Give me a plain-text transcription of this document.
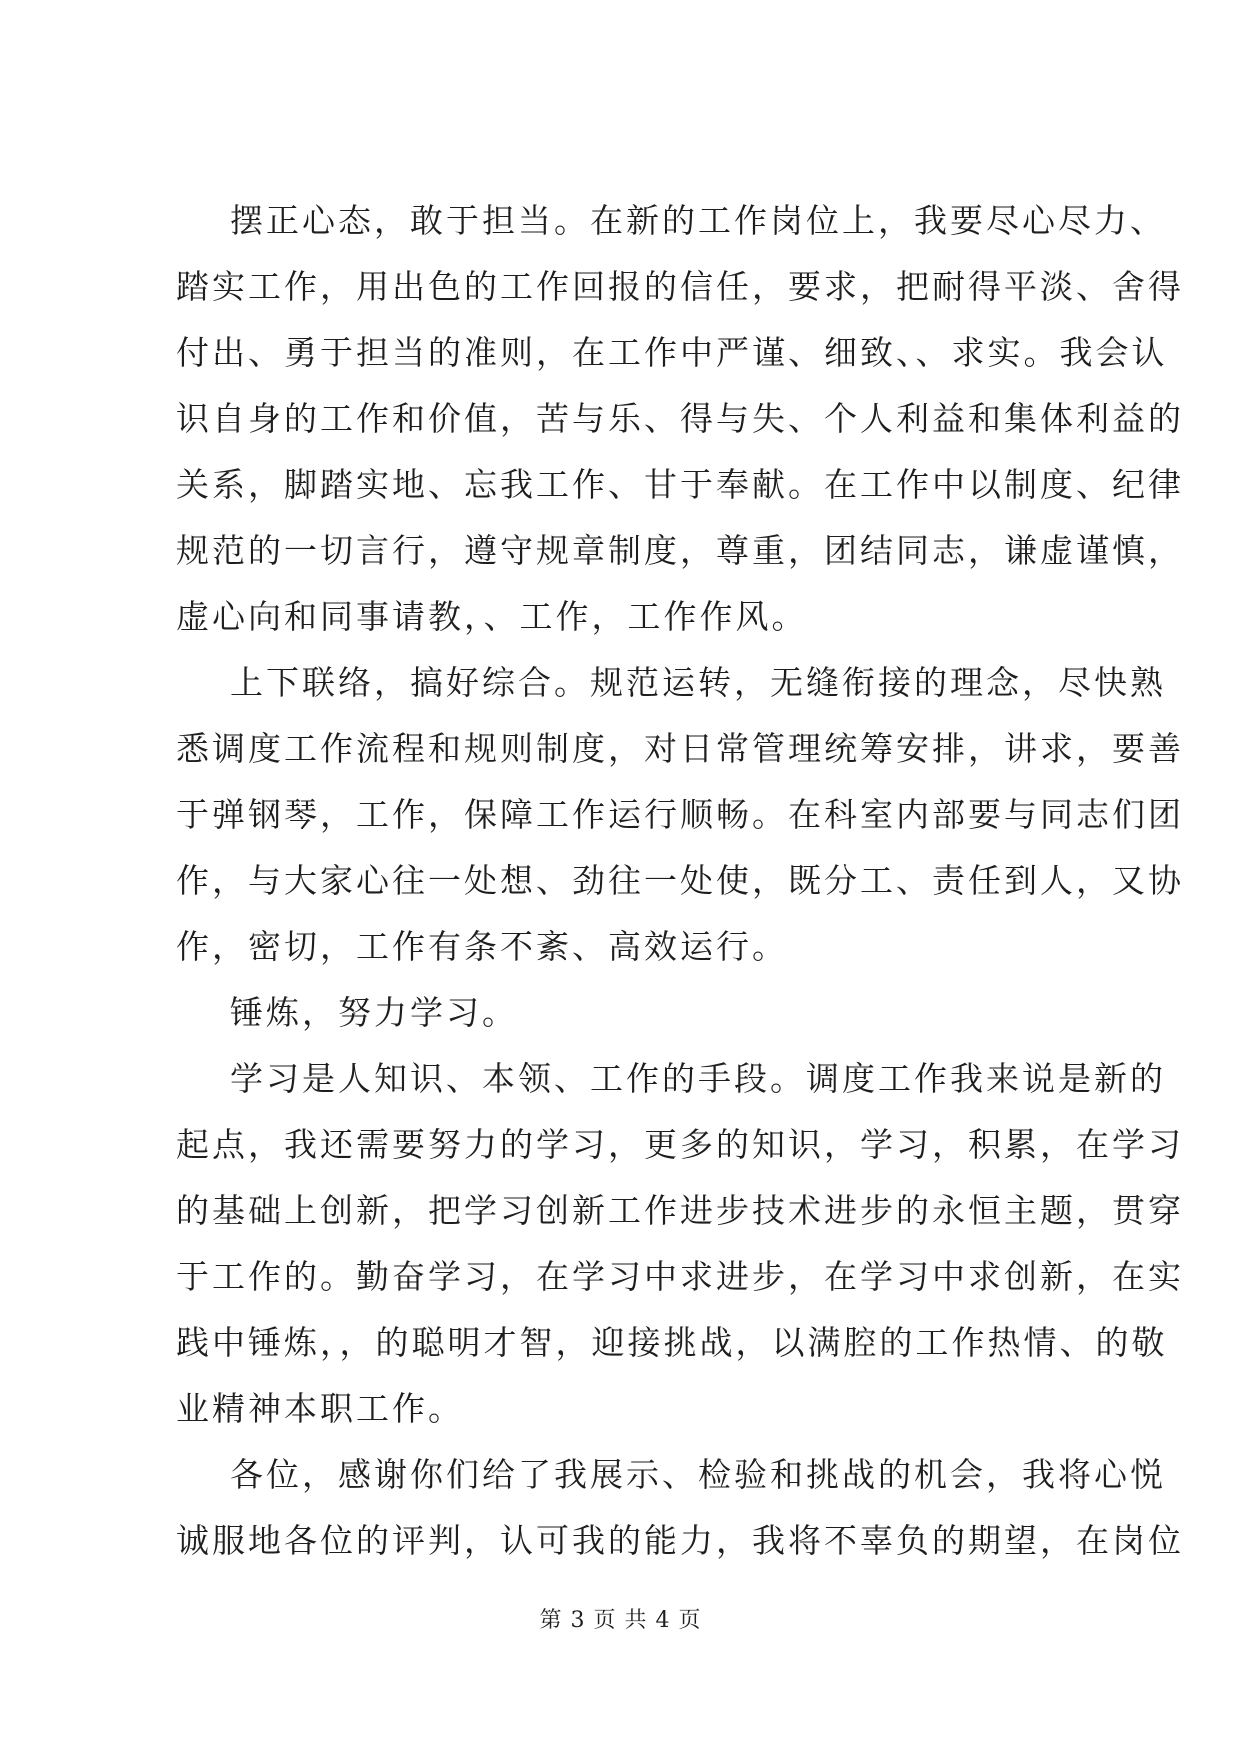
摆正心态，敢于担当。在新的工作岗位上，我要尽心尽力、
踏实工作，用出色的工作回报的信任，要求，把耐得平淡、舍得
付出、勇于担当的准则，在工作中严谨、细致、、求实。我会认
识自身的工作和价值，苦与乐、得与失、个人利益和集体利益的
关系，脚踏实地、忘我工作、甘于奉献。在工作中以制度、纪律
规范的一切言行，遵守规章制度，尊重，团结同志，谦虚谨慎，
虚心向和同事请教，、工作，工作作风。

上下联络，搞好综合。规范运转，无缝衔接的理念，尽快熟
悉调度工作流程和规则制度，对日常管理统筹安排，讲求，要善
于弹钢琴，工作，保障工作运行顺畅。在科室内部要与同志们团
作，与大家心往一处想、劲往一处使，既分工、责任到人，又协
作，密切，工作有条不紊、高效运行。

锤炼，努力学习。

学习是人知识、本领、工作的手段。调度工作我来说是新的
起点，我还需要努力的学习，更多的知识，学习，积累，在学习
的基础上创新，把学习创新工作进步技术进步的永恒主题，贯穿
于工作的。勤奋学习，在学习中求进步，在学习中求创新，在实
践中锤炼，，的聪明才智，迎接挑战，以满腔的工作热情、的敬
业精神本职工作。

各位，感谢你们给了我展示、检验和挑战的机会，我将心悦
诚服地各位的评判，认可我的能力，我将不辜负的期望，在岗位

第 3 页 共 4 页
